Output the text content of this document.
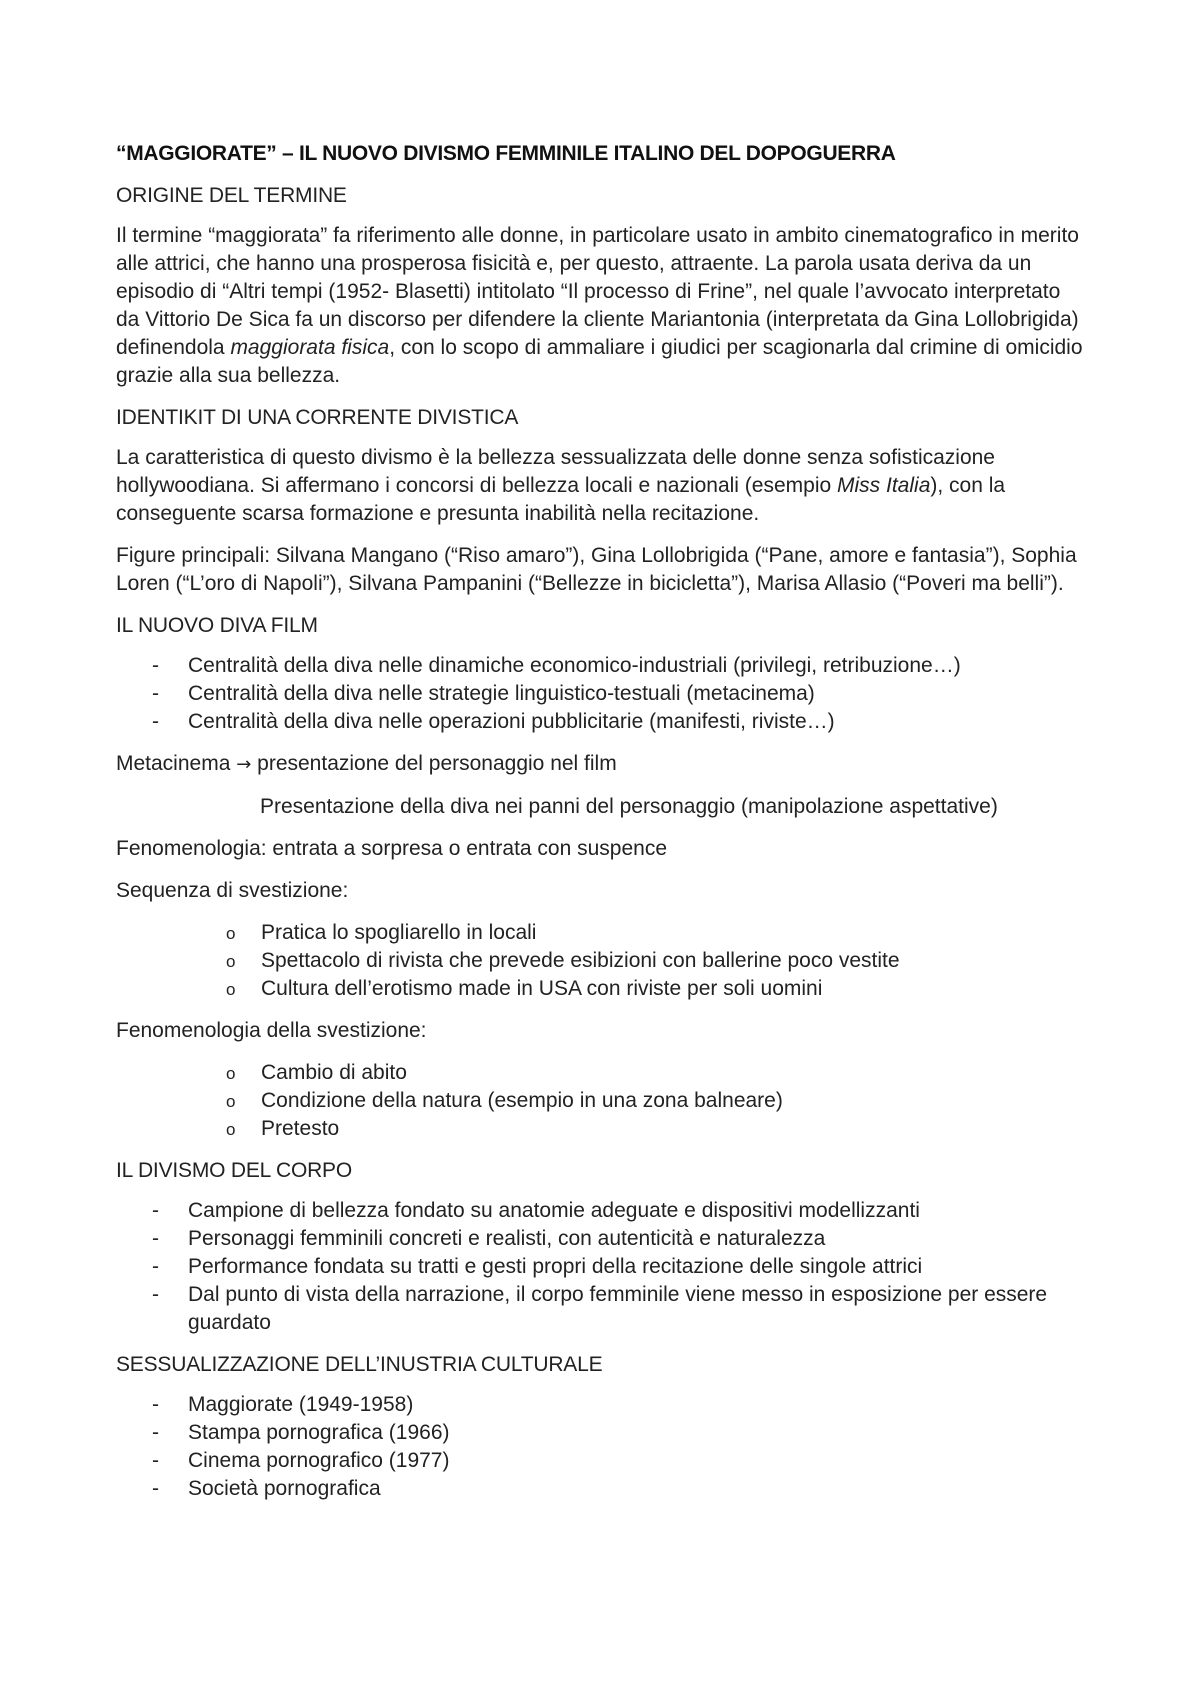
“MAGGIORATE” – IL NUOVO DIVISMO FEMMINILE ITALINO DEL DOPOGUERRA
ORIGINE DEL TERMINE

Il termine “maggiorata” fa riferimento alle donne, in particolare usato in ambito cinematografico in merito alle attrici, che hanno una prosperosa fisicità e, per questo, attraente. La parola usata deriva da un episodio di “Altri tempi (1952- Blasetti) intitolato “Il processo di Frine”, nel quale l’avvocato interpretato da Vittorio De Sica fa un discorso per difendere la cliente Mariantonia (interpretata da Gina Lollobrigida) definendola maggiorata fisica, con lo scopo di ammaliare i giudici per scagionarla dal crimine di omicidio grazie alla sua bellezza.

IDENTIKIT DI UNA CORRENTE DIVISTICA

La caratteristica di questo divismo è la bellezza sessualizzata delle donne senza sofisticazione hollywoodiana. Si affermano i concorsi di bellezza locali e nazionali (esempio Miss Italia), con la conseguente scarsa formazione e presunta inabilità nella recitazione.

Figure principali: Silvana Mangano (“Riso amaro”), Gina Lollobrigida (“Pane, amore e fantasia”), Sophia Loren (“L’oro di Napoli”), Silvana Pampanini (“Bellezze in bicicletta”), Marisa Allasio (“Poveri ma belli”).

IL NUOVO DIVA FILM
- Centralità della diva nelle dinamiche economico-industriali (privilegi, retribuzione…)
- Centralità della diva nelle strategie linguistico-testuali (metacinema)
- Centralità della diva nelle operazioni pubblicitarie (manifesti, riviste…)

Metacinema → presentazione del personaggio nel film

Presentazione della diva nei panni del personaggio (manipolazione aspettative)

Fenomenologia: entrata a sorpresa o entrata con suspence

Sequenza di svestizione:

o Pratica lo spogliarello in locali
o Spettacolo di rivista che prevede esibizioni con ballerine poco vestite
o Cultura dell’erotismo made in USA con riviste per soli uomini

Fenomenologia della svestizione:

o Cambio di abito
o Condizione della natura (esempio in una zona balneare)
o Pretesto
IL DIVISMO DEL CORPO
- Campione di bellezza fondato su anatomie adeguate e dispositivi modellizzanti
- Personaggi femminili concreti e realisti, con autenticità e naturalezza
- Performance fondata su tratti e gesti propri della recitazione delle singole attrici
- Dal punto di vista della narrazione, il corpo femminile viene messo in esposizione per essere guardato
SESSUALIZZAZIONE DELL’INUSTRIA CULTURALE
- Maggiorate (1949-1958)
- Stampa pornografica (1966)
- Cinema pornografico (1977)
- Società pornografica
